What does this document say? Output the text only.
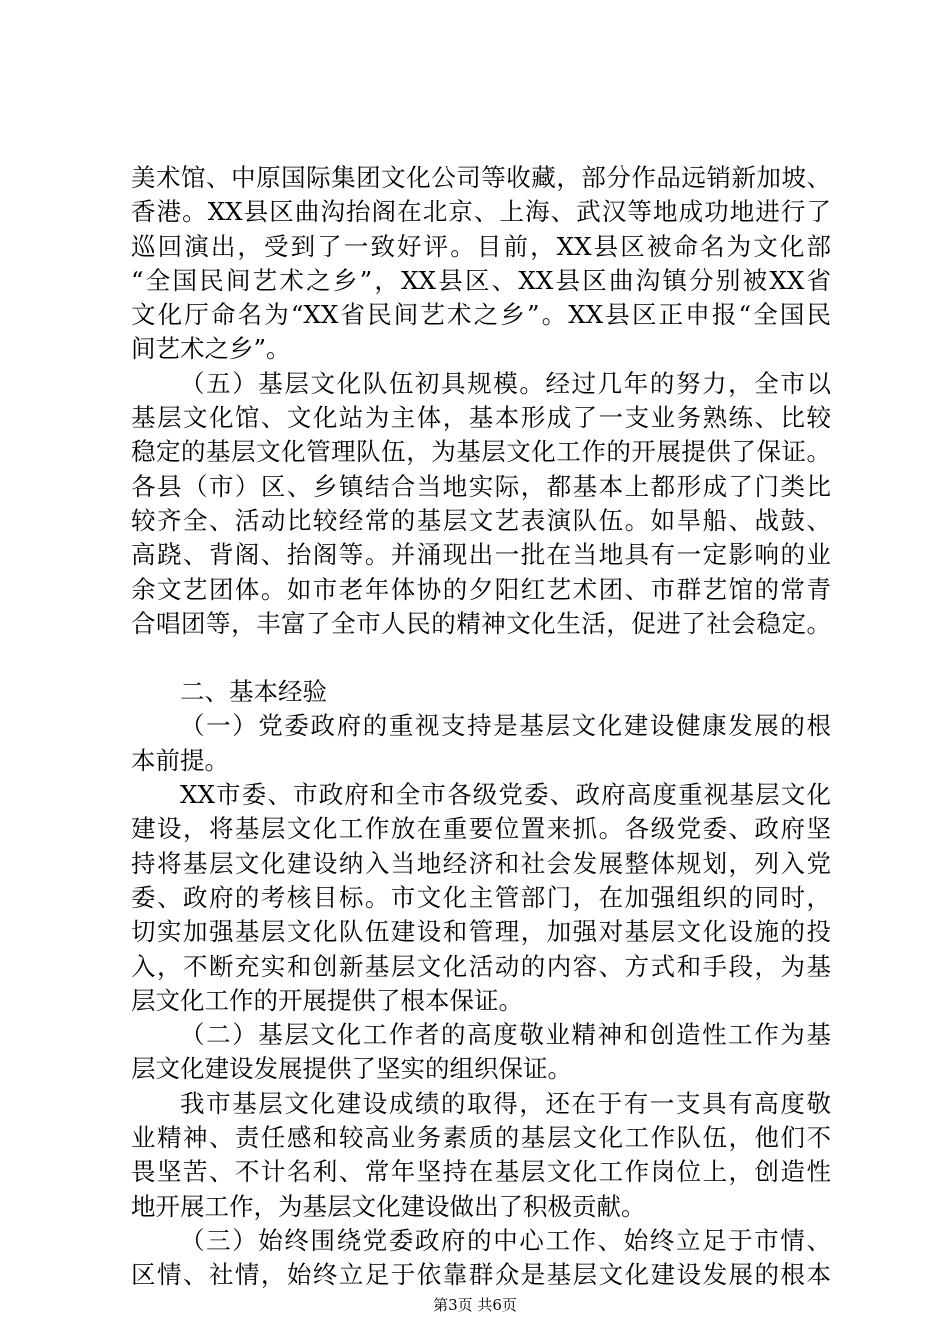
美术馆、中原国际集团文化公司等收藏，部分作品远销新加坡、
香港。XX县区曲沟抬阁在北京、上海、武汉等地成功地进行了
巡回演出，受到了一致好评。目前，XX县区被命名为文化部
“全国民间艺术之乡”，XX县区、XX县区曲沟镇分别被XX省
文化厅命名为“XX省民间艺术之乡”。XX县区正申报“全国民
间艺术之乡”。
（五）基层文化队伍初具规模。经过几年的努力，全市以
基层文化馆、文化站为主体，基本形成了一支业务熟练、比较
稳定的基层文化管理队伍，为基层文化工作的开展提供了保证。
各县（市）区、乡镇结合当地实际，都基本上都形成了门类比
较齐全、活动比较经常的基层文艺表演队伍。如旱船、战鼓、
高跷、背阁、抬阁等。并涌现出一批在当地具有一定影响的业
余文艺团体。如市老年体协的夕阳红艺术团、市群艺馆的常青
合唱团等，丰富了全市人民的精神文化生活，促进了社会稳定。
二、基本经验
（一）党委政府的重视支持是基层文化建设健康发展的根
本前提。
XX市委、市政府和全市各级党委、政府高度重视基层文化
建设，将基层文化工作放在重要位置来抓。各级党委、政府坚
持将基层文化建设纳入当地经济和社会发展整体规划，列入党
委、政府的考核目标。市文化主管部门，在加强组织的同时，
切实加强基层文化队伍建设和管理，加强对基层文化设施的投
入，不断充实和创新基层文化活动的内容、方式和手段，为基
层文化工作的开展提供了根本保证。
（二）基层文化工作者的高度敬业精神和创造性工作为基
层文化建设发展提供了坚实的组织保证。
我市基层文化建设成绩的取得，还在于有一支具有高度敬
业精神、责任感和较高业务素质的基层文化工作队伍，他们不
畏坚苦、不计名利、常年坚持在基层文化工作岗位上，创造性
地开展工作，为基层文化建设做出了积极贡献。
（三）始终围绕党委政府的中心工作、始终立足于市情、
区情、社情，始终立足于依靠群众是基层文化建设发展的根本
第3页 共6页
